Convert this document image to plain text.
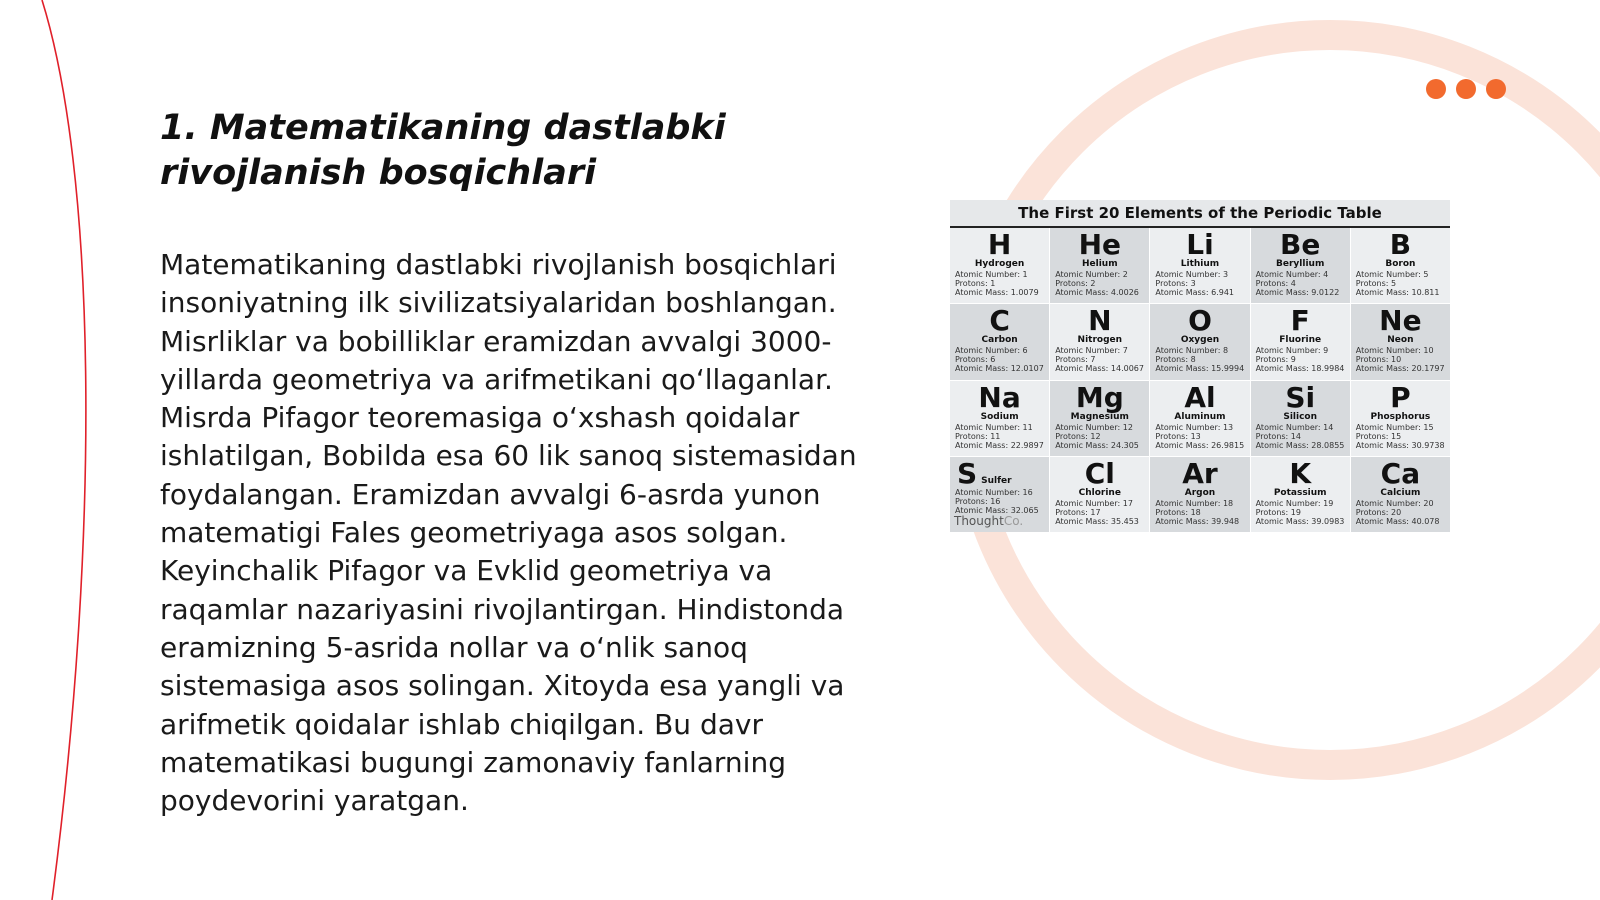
1. Matematikaning dastlabki rivojlanish bosqichlari

Matematikaning dastlabki rivojlanish bosqichlari insoniyatning ilk sivilizatsiyalaridan boshlangan. Misrliklar va bobilliklar eramizdan avvalgi 3000-yillarda geometriya va arifmetikani qo‘llaganlar. Misrda Pifagor teoremasiga o‘xshash qoidalar ishlatilgan, Bobilda esa 60 lik sanoq sistemasidan foydalangan. Eramizdan avvalgi 6-asrda yunon matematigi Fales geometriyaga asos solgan. Keyinchalik Pifagor va Evklid geometriya va raqamlar nazariyasini rivojlantirgan. Hindistonda eramizning 5-asrida nollar va o‘nlik sanoq sistemasiga asos solingan. Xitoyda esa yangli va arifmetik qoidalar ishlab chiqilgan. Bu davr matematikasi bugungi zamonaviy fanlarning poydevorini yaratgan.

The First 20 Elements of the Periodic Table
H
Hydrogen
Atomic Number: 1
Protons: 1
Atomic Mass: 1.0079
He
Helium
Atomic Number: 2
Protons: 2
Atomic Mass: 4.0026
Li
Lithium
Atomic Number: 3
Protons: 3
Atomic Mass: 6.941
Be
Beryllium
Atomic Number: 4
Protons: 4
Atomic Mass: 9.0122
B
Boron
Atomic Number: 5
Protons: 5
Atomic Mass: 10.811
C
Carbon
Atomic Number: 6
Protons: 6
Atomic Mass: 12.0107
N
Nitrogen
Atomic Number: 7
Protons: 7
Atomic Mass: 14.0067
O
Oxygen
Atomic Number: 8
Protons: 8
Atomic Mass: 15.9994
F
Fluorine
Atomic Number: 9
Protons: 9
Atomic Mass: 18.9984
Ne
Neon
Atomic Number: 10
Protons: 10
Atomic Mass: 20.1797
Na
Sodium
Atomic Number: 11
Protons: 11
Atomic Mass: 22.9897
Mg
Magnesium
Atomic Number: 12
Protons: 12
Atomic Mass: 24.305
Al
Aluminum
Atomic Number: 13
Protons: 13
Atomic Mass: 26.9815
Si
Silicon
Atomic Number: 14
Protons: 14
Atomic Mass: 28.0855
P
Phosphorus
Atomic Number: 15
Protons: 15
Atomic Mass: 30.9738
S Sulfer
Atomic Number: 16
Protons: 16
Atomic Mass: 32.065
ThoughtCo.
Cl
Chlorine
Atomic Number: 17
Protons: 17
Atomic Mass: 35.453
Ar
Argon
Atomic Number: 18
Protons: 18
Atomic Mass: 39.948
K
Potassium
Atomic Number: 19
Protons: 19
Atomic Mass: 39.0983
Ca
Calcium
Atomic Number: 20
Protons: 20
Atomic Mass: 40.078
